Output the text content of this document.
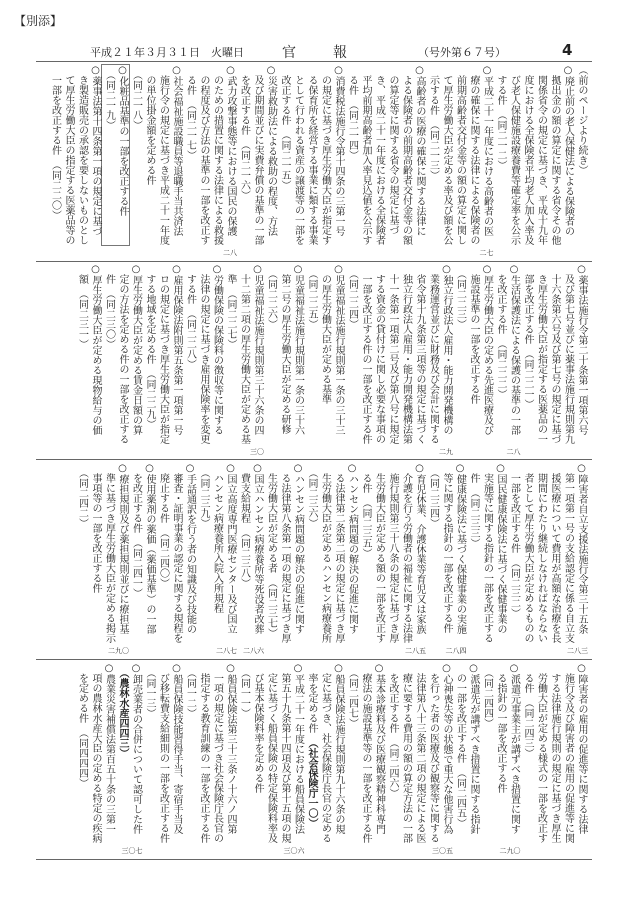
【別添】
平成２１年３月３１日　火曜日	官	報	（号外第６７号）	4

（前のページより続き）

○廃止前の老人保健法による保険者の拠出金の額の算定に関する省令その他関係省令の規定に基づき、平成十九年度における全保険者平均老人加入率及び老人保健施設療養費等確定率を公示する件　（同二一二）

○平成二十一年度における高齢者の医療の確保に関する法律による保険者の前期高齢者交付金等の額の算定に関して厚生労働大臣が定める率及び額を公示する件　（同二一三）
二七

○高齢者の医療の確保に関する法律による保険者の前期高齢者交付金等の額の算定等に関する省令の規定に基づき、平成二十一年度における全保険者平均前期高齢者加入率見込値を公示する件　（同二一四）

○消費税法施行令第十四条の三第一号の規定に基づき厚生労働大臣が指定する保育所を経営する事業に類する事業として行われる資産の譲渡等の一部を改正する件　（同二一五）

○災害救助法による救助の程度、方法及び期間並びに実費弁償の基準の一部を改正する件　（同二一六）

○武力攻撃事態等における国民の保護のための措置に関する法律による救援の程度及び方法の基準の一部を改正する件　（同二一七）
二八

○社会福祉施設職員等退職手当共済法施行令の規定に基づき平成二十一年度の単位掛金額を定める件　（同二一八）

○化粧品基準の一部を改正する件　（同二一九）

○薬事法第十四条第一項の規定に基づき製造販売の承認を要しないものとして厚生労働大臣の指定する医薬品等の一部を改正する件　（同二二〇）

○薬事法施行令第二十条第一項第六号及び第七号並びに薬事法施行規則第九十六条第六号及び第七号の規定に基づき厚生労働大臣が指定する医薬品の一部を改正する件　（同二二一）

○生活保護法による保護の基準の一部を改正する件　（同二二二）
二八

○厚生労働大臣の定める先進医療及び施設基準の一部を改正する件　（同二二三）

○独立行政法人雇用・能力開発機構の業務運営並びに財務及び会計に関する省令第十九条第三項等の規定に基づく独立行政法人雇用・能力開発機構法第十一条第一項第二号及び第八号に規定する資金の貸付けに関し必要な事項の一部を改正する件の一部を改正する件　（同二二四）
二九

○児童福祉法施行規則第一条の三十三の厚生労働大臣が定める基準　（同二二五）

○児童福祉法施行規則第一条の三十六第二号の厚生労働大臣が定める研修　（同二二六）

○児童福祉法施行規則第三十六条の四十二第二項の厚生労働大臣が定める基準　（同二二七）
三〇

○労働保険の保険料の徴収等に関する法律の規定に基づき雇用保険率を変更する件　（同二二八）

○雇用保険法附則第五条第一項第一号ロの規定に基づき厚生労働大臣が指定する地域を定める件　（同二二九）

○厚生労働大臣が定める賃金日額の算定の方法を定める件の一部を改正する件　（同二三〇）

○厚生労働大臣が定める現物給与の価額　（同二三一）

○障害者自立支援法施行令第三十五条第一項第一号の支給認定に係る自立支援医療について費用が高額な治療を長期間にわたり継続しなければならない者として厚生労働大臣が定めるものの一部を改正する件　（同二三二）
二八三

○国民健康保険法に基づく保健事業の実施等に関する指針の一部を改正する件　（同二三三）

○健康保険法に基づく保健事業の実施等に関する指針の一部を改正する件　（同二三四）
二八四

○育児休業、介護休業等育児又は家族介護を行う労働者の福祉に関する法律施行規則第三十八条の規定に基づき厚生労働大臣が定める額の一部を改正する件　（同二三五）
二八五

○ハンセン病問題の解決の促進に関する法律第二条第二項の規定に基づき厚生労働大臣が定めるハンセン病療養所　（同二三六）

○ハンセン病問題の解決の促進に関する法律第八条第一項の規定に基づき厚生労働大臣が定める者　（同二三七）

○国立ハンセン病療養所等死没者改葬費支給規程　（同二三八）
二八六

○国立高度専門医療センター及び国立ハンセン病療養所入院入所規程　（同二三九）
二八七

○手話通訳を行う者の知識及び技能の審査・証明事業の認定に関する規程を廃止する件　（同二四〇）

○使用薬剤の薬価（薬価基準）の一部を改正する件　（同二四一）

○療担規則及び薬担規則並びに療担基準に基づき厚生労働大臣が定める掲示事項等の一部を改正する件　（同二四二）
二九〇

○障害者の雇用の促進等に関する法律施行令及び障害者の雇用の促進等に関する法律施行規則の規定に基づき厚生労働大臣が定める様式の一部を改正する件　（同二四三）

○派遣元事業主が講ずべき措置に関する指針の一部を改正する件　（同二四四）
二九〇

○派遣先が講ずべき措置に関する指針の一部を改正する件　（同二四五）

○心神喪失等の状態で重大な他害行為を行った者の医療及び観察等に関する法律第八十三条第二項の規定による医療に要する費用の額の算定方法の一部を改正する件　（同二四六）
三〇五

○基本診療料及び医療観察精神科専門療法の施設基準等の一部を改正する件　（同二四七）

○船員保険法施行規則第九十六条の規定に基づき、社会保険庁長官の定める率を定める件　（社会保険庁一〇）

○平成二十一年度における船員保険法第五十九条第十四項及び第十五項の規定に基づく船員保険の特定保険料率及び基本保険料率を定める件　（同一一）
三〇六

○船員保険法第三十三条ノ十六ノ四第一項の規定に基づき社会保険庁長官の指定する教育訓練の一部を改正する件　（同一二）

○船員保険技能習得手当、寄宿手当及び移転費支給細則の一部を改正する件　（同一三）

○卸売業者の合併について認可した件　（農林水産四四三）
三〇七

○農業災害補償法第百五十条の三第一項の農林水産大臣の定める特定の疾病を定める件　（同四四四）
